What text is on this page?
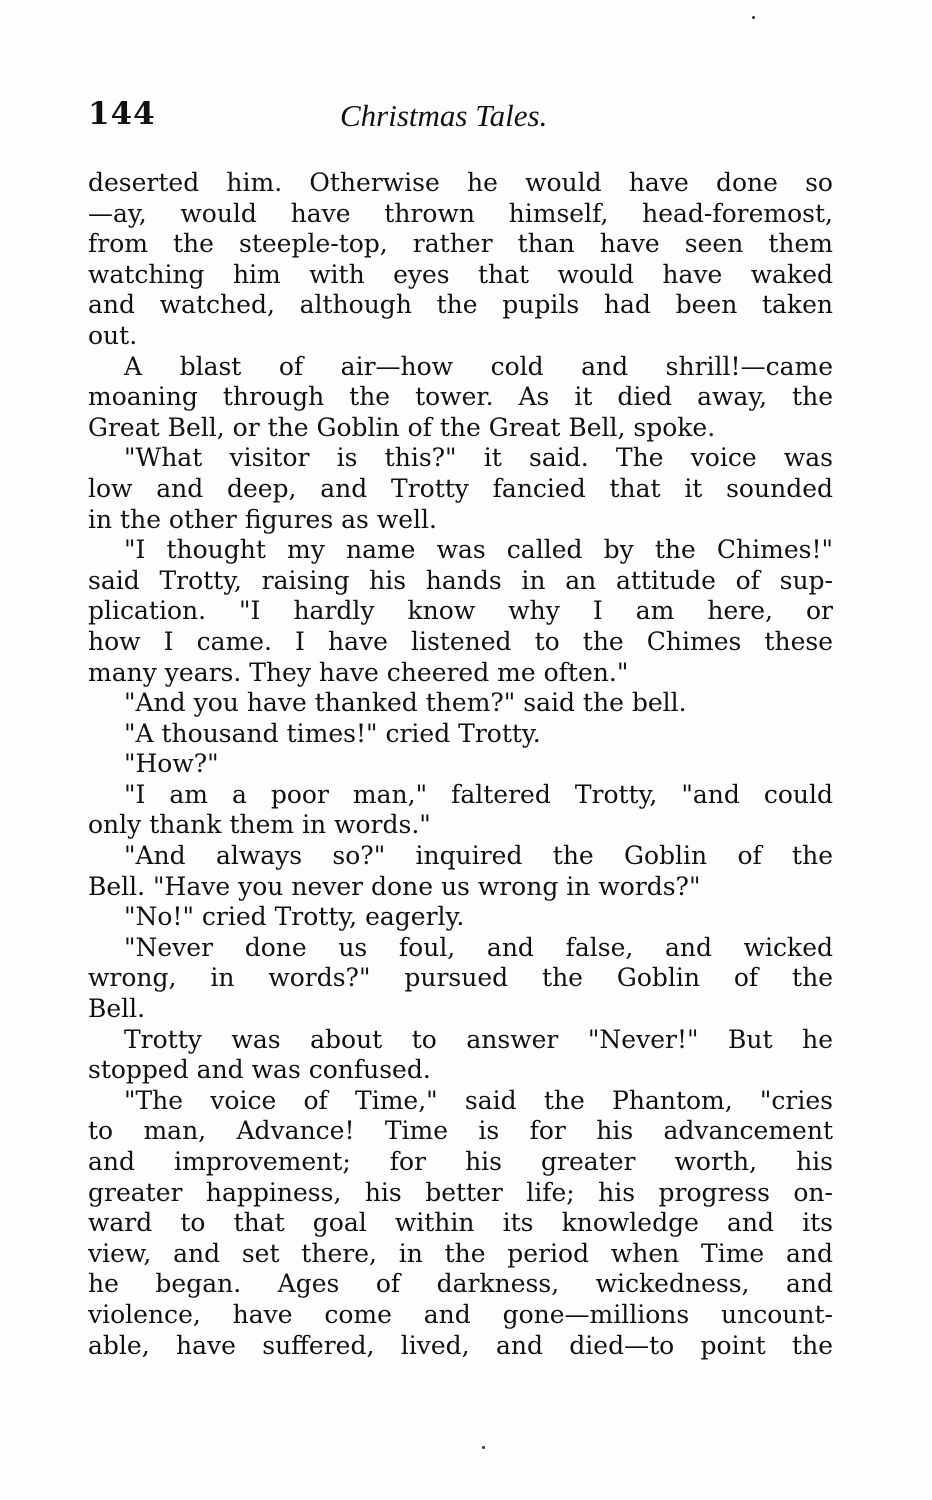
144	Christmas Tales.
deserted him. Otherwise he would have done so
—ay, would have thrown himself, head-foremost,
from the steeple-top, rather than have seen them
watching him with eyes that would have waked
and watched, although the pupils had been taken
out.
A blast of air—how cold and shrill!—came
moaning through the tower. As it died away, the
Great Bell, or the Goblin of the Great Bell, spoke.
"What visitor is this?" it said. The voice was
low and deep, and Trotty fancied that it sounded
in the other figures as well.
"I thought my name was called by the Chimes!"
said Trotty, raising his hands in an attitude of sup-
plication. "I hardly know why I am here, or
how I came. I have listened to the Chimes these
many years. They have cheered me often."
"And you have thanked them?" said the bell.
"A thousand times!" cried Trotty.
"How?"
"I am a poor man," faltered Trotty, "and could
only thank them in words."
"And always so?" inquired the Goblin of the
Bell. "Have you never done us wrong in words?"
"No!" cried Trotty, eagerly.
"Never done us foul, and false, and wicked
wrong, in words?" pursued the Goblin of the
Bell.
Trotty was about to answer "Never!" But he
stopped and was confused.
"The voice of Time," said the Phantom, "cries
to man, Advance! Time is for his advancement
and improvement; for his greater worth, his
greater happiness, his better life; his progress on-
ward to that goal within its knowledge and its
view, and set there, in the period when Time and
he began. Ages of darkness, wickedness, and
violence, have come and gone—millions uncount-
able, have suffered, lived, and died—to point the
